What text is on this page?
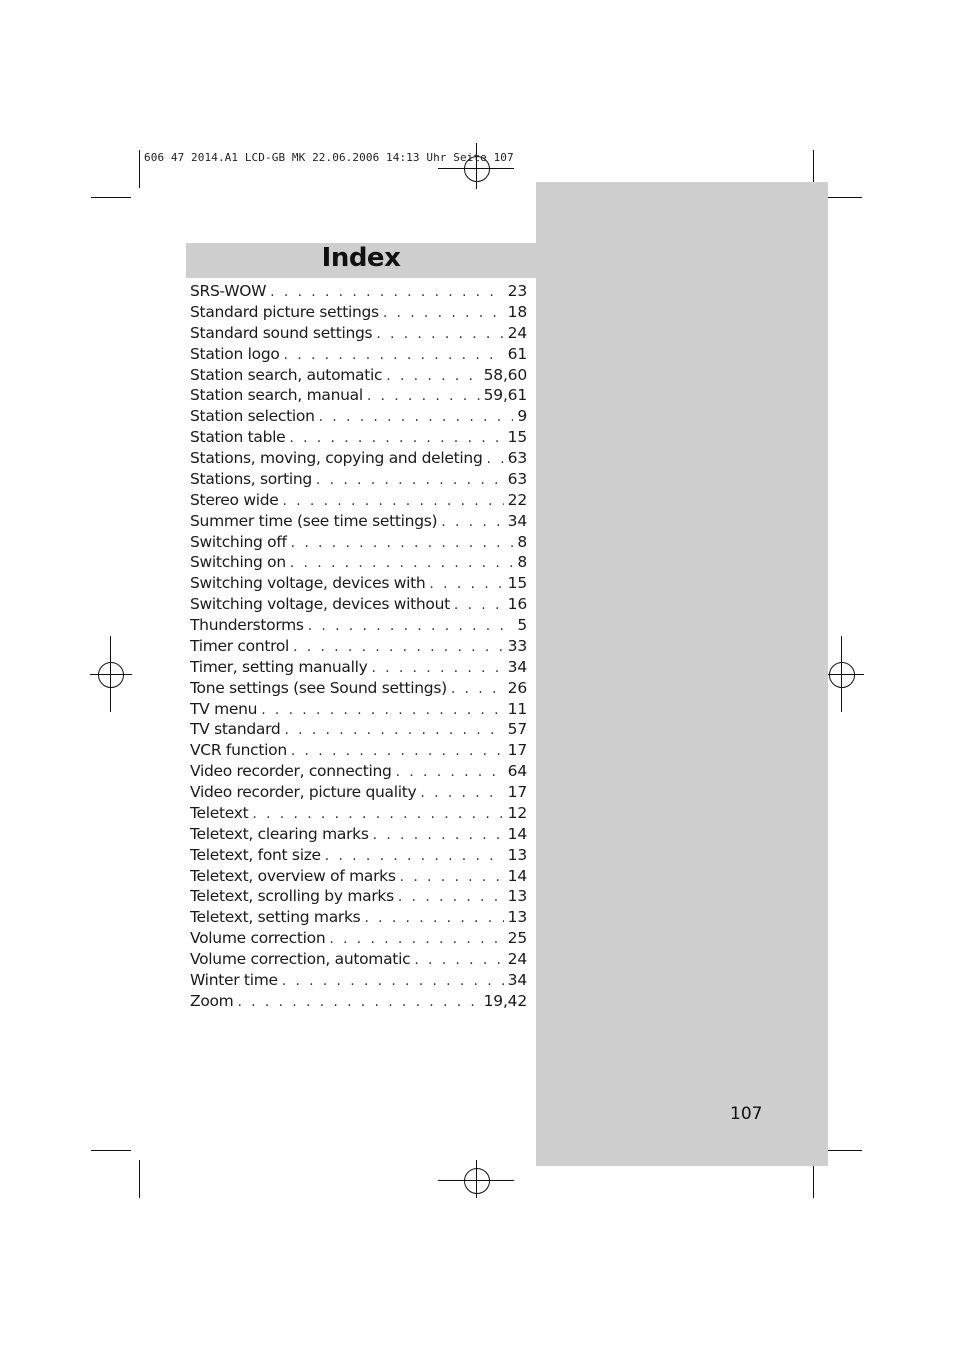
606 47 2014.A1 LCD-GB MK 22.06.2006 14:13 Uhr Seite 107
Index
SRS-WOW . . .	23
Standard picture settings . . .	18
Standard sound settings . . .	24
Station logo . . .	61
Station search, automatic . . .	58,60
Station search, manual . . .	59,61
Station selection . . .	9
Station table . . .	15
Stations, moving, copying and deleting . . . 63
Stations, sorting . . .	63
Stereo wide . . .	22
Summer time (see time settings) . . .	34
Switching off . . .	8
Switching on . . .	8
Switching voltage, devices with . . .	15
Switching voltage, devices without . . .	16
Thunderstorms . . .	5
Timer control . . .	33
Timer, setting manually . . .	34
Tone settings (see Sound settings) . . .	26
TV menu . . .	11
TV standard . . .	57
VCR function . . .	17
Video recorder, connecting . . .	64
Video recorder, picture quality . . .	17
Teletext . . .	12
Teletext, clearing marks . . .	14
Teletext, font size . . .	13
Teletext, overview of marks . . .	14
Teletext, scrolling by marks . . .	13
Teletext, setting marks . . .	13
Volume correction . . .	25
Volume correction, automatic . . .	24
Winter time . . .	34
Zoom . . .	19,42
107
